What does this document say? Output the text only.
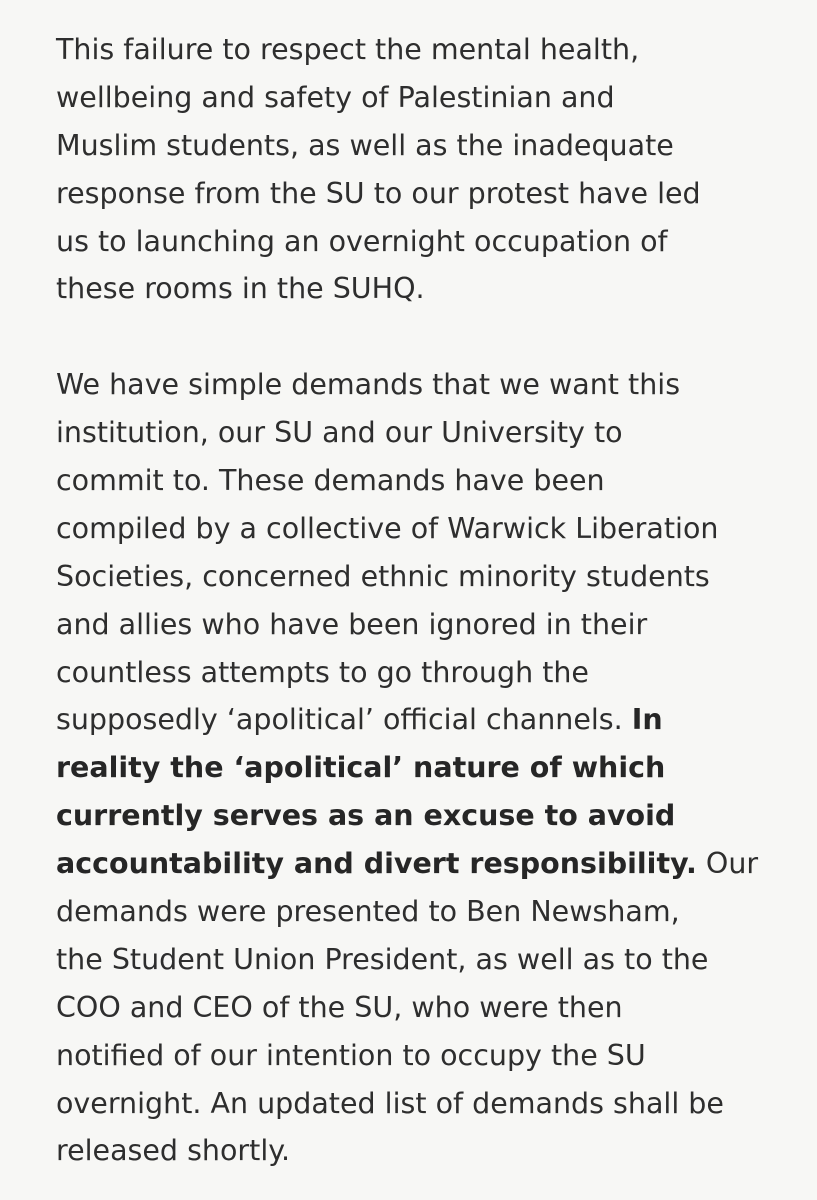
This failure to respect the mental health,
wellbeing and safety of Palestinian and
Muslim students, as well as the inadequate
response from the SU to our protest have led
us to launching an overnight occupation of
these rooms in the SUHQ.

We have simple demands that we want this
institution, our SU and our University to
commit to. These demands have been
compiled by a collective of Warwick Liberation
Societies, concerned ethnic minority students
and allies who have been ignored in their
countless attempts to go through the
supposedly ‘apolitical’ official channels. In
reality the ‘apolitical’ nature of which
currently serves as an excuse to avoid
accountability and divert responsibility. Our
demands were presented to Ben Newsham,
the Student Union President, as well as to the
COO and CEO of the SU, who were then
notified of our intention to occupy the SU
overnight. An updated list of demands shall be
released shortly.
